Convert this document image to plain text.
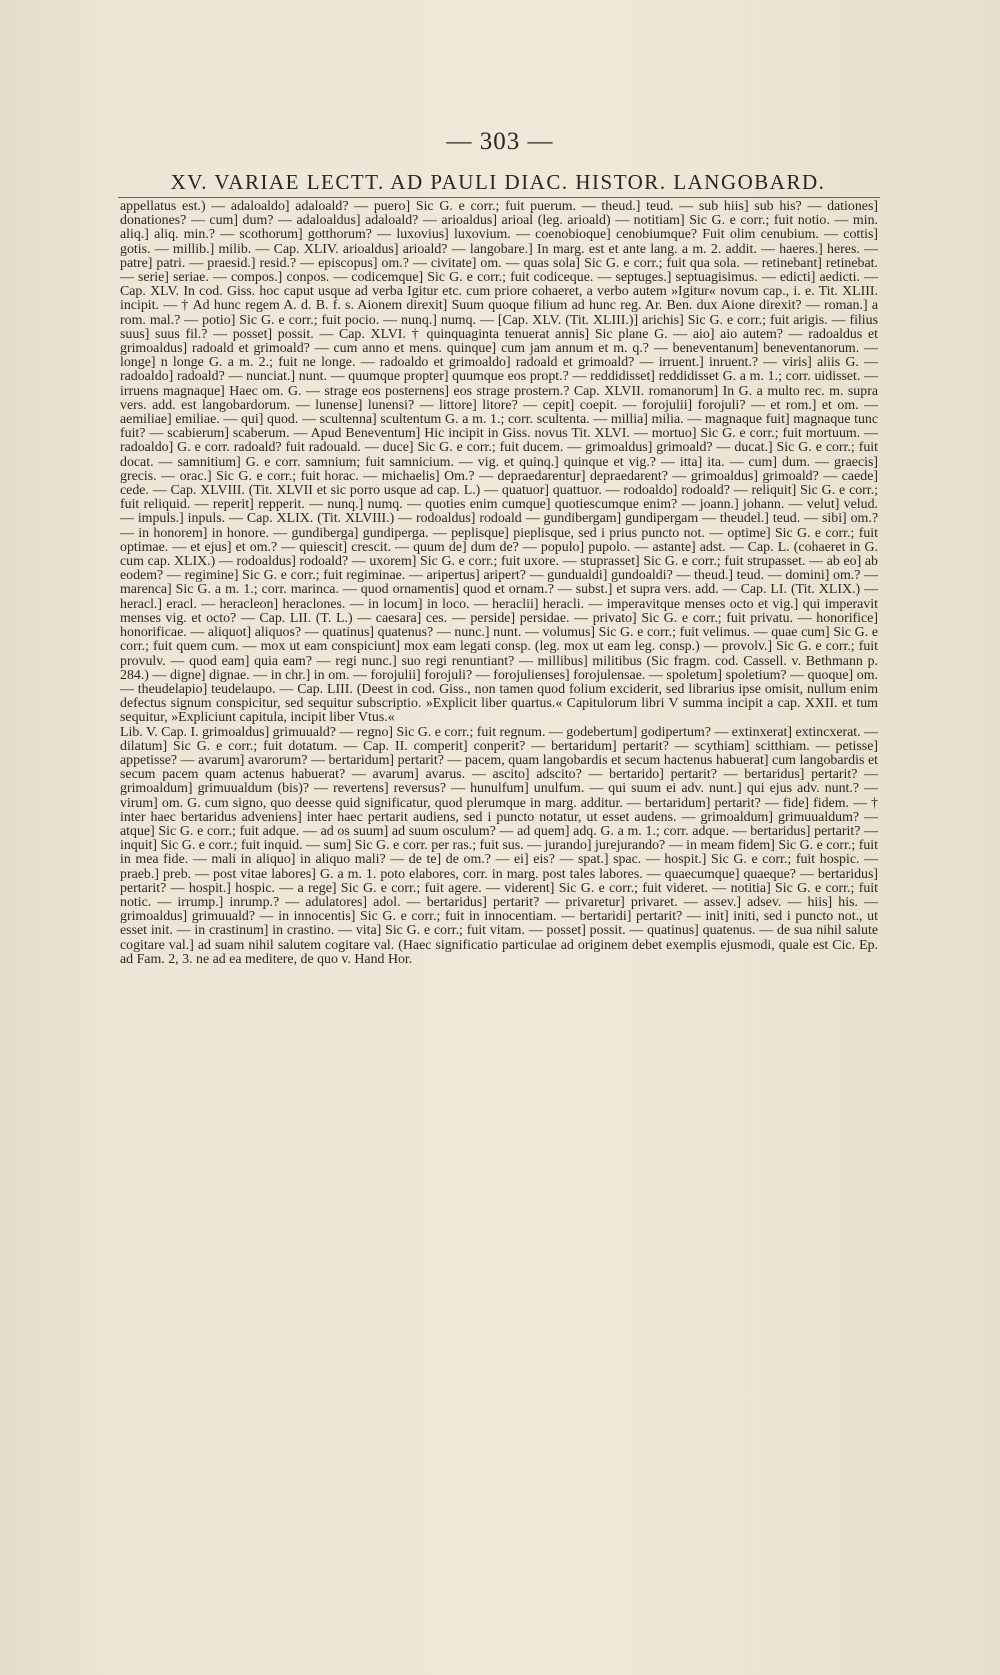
— 303 —
XV. VARIAE LECTT. AD PAULI DIAC. HISTOR. LANGOBARD.

appellatus est.) — adaloaldo] adaloald? — puero] Sic G. e corr.; fuit puerum. — theud.] teud. — sub hiis] sub his? — dationes] donationes? — cum] dum? — adaloaldus] adaloald? — arioaldus] arioal (leg. arioald) — notitiam] Sic G. e corr.; fuit notio. — min. aliq.] aliq. min.? — scothorum] gotthorum? — luxovius] luxovium. — coenobioque] cenobiumque? Fuit olim cenubium. — cottis] gotis. — millib.] milib. — Cap. XLIV. arioaldus] arioald? — langobare.] In marg. est et ante lang. a m. 2. addit. — haeres.] heres. — patre] patri. — praesid.] resid.? — episcopus] om.? — civitate] om. — quas sola] Sic G. e corr.; fuit qua sola. — retinebant] retinebat. — serie] seriae. — compos.] conpos. — codicemque] Sic G. e corr.; fuit codiceque. — septuges.] septuagisimus. — edicti] aedicti. — Cap. XLV. In cod. Giss. hoc caput usque ad verba Igitur etc. cum priore cohaeret, a verbo autem »Igitur« novum cap., i. e. Tit. XLIII. incipit. — † Ad hunc regem A. d. B. f. s. Aionem direxit] Suum quoque filium ad hunc reg. Ar. Ben. dux Aione direxit? — roman.] a rom. mal.? — potio] Sic G. e corr.; fuit pocio. — nunq.] numq. — [Cap. XLV. (Tit. XLIII.)] arichis] Sic G. e corr.; fuit arigis. — filius suus] suus fil.? — posset] possit. — Cap. XLVI. † quinquaginta tenuerat annis] Sic plane G. — aio] aio autem? — radoaldus et grimoaldus] radoald et grimoald? — cum anno et mens. quinque] cum jam annum et m. q.? — beneventanum] beneventanorum. — longe] n longe G. a m. 2.; fuit ne longe. — radoaldo et grimoaldo] radoald et grimoald? — irruent.] inruent.? — viris] aliis G. — radoaldo] radoald? — nunciat.] nunt. — quumque propter] quumque eos propt.? — reddidisset] reddidisset G. a m. 1.; corr. uidisset. — irruens magnaque] Haec om. G. — strage eos posternens] eos strage prostern.? Cap. XLVII. romanorum] In G. a multo rec. m. supra vers. add. est langobardorum. — lunense] lunensi? — littore] litore? — cepit] coepit. — forojulii] forojuli? — et rom.] et om. — aemiliae] emiliae. — qui] quod. — scultenna] scultentum G. a m. 1.; corr. scultenta. — millia] milia. — magnaque fuit] magnaque tunc fuit? — scabierum] scaberum. — Apud Beneventum] Hic incipit in Giss. novus Tit. XLVI. — mortuo] Sic G. e corr.; fuit mortuum. — radoaldo] G. e corr. radoald? fuit radouald. — duce] Sic G. e corr.; fuit ducem. — grimoaldus] grimoald? — ducat.] Sic G. e corr.; fuit docat. — samnitium] G. e corr. samnium; fuit samnicium. — vig. et quinq.] quinque et vig.? — itta] ita. — cum] dum. — graecis] grecis. — orac.] Sic G. e corr.; fuit horac. — michaelis] Om.? — depraedarentur] depraedarent? — grimoaldus] grimoald? — caede] cede. — Cap. XLVIII. (Tit. XLVII et sic porro usque ad cap. L.) — quatuor] quattuor. — rodoaldo] rodoald? — reliquit] Sic G. e corr.; fuit reliquid. — reperit] repperit. — nunq.] numq. — quoties enim cumque] quotiescumque enim? — joann.] johann. — velut] velud. — impuls.] inpuls. — Cap. XLIX. (Tit. XLVIII.) — rodoaldus] rodoald — gundibergam] gundipergam — theudel.] teud. — sibi] om.? — in honorem] in honore. — gundiberga] gundiperga. — peplisque] pieplisque, sed i prius puncto not. — optime] Sic G. e corr.; fuit optimae. — et ejus] et om.? — quiescit] crescit. — quum de] dum de? — populo] pupolo. — astante] adst. — Cap. L. (cohaeret in G. cum cap. XLIX.) — rodoaldus] rodoald? — uxorem] Sic G. e corr.; fuit uxore. — stuprasset] Sic G. e corr.; fuit strupasset. — ab eo] ab eodem? — regimine] Sic G. e corr.; fuit regiminae. — aripertus] aripert? — gundualdi] gundoaldi? — theud.] teud. — domini] om.? — marenca] Sic G. a m. 1.; corr. marinca. — quod ornamentis] quod et ornam.? — subst.] et supra vers. add. — Cap. LI. (Tit. XLIX.) — heracl.] eracl. — heracleon] heraclones. — in locum] in loco. — heraclii] heracli. — imperavitque menses octo et vig.] qui imperavit menses vig. et octo? — Cap. LII. (T. L.) — caesara] ces. — perside] persidae. — privato] Sic G. e corr.; fuit privatu. — honorifice] honorificae. — aliquot] aliquos? — quatinus] quatenus? — nunc.] nunt. — volumus] Sic G. e corr.; fuit velimus. — quae cum] Sic G. e corr.; fuit quem cum. — mox ut eam conspiciunt] mox eam legati consp. (leg. mox ut eam leg. consp.) — provolv.] Sic G. e corr.; fuit provulv. — quod eam] quia eam? — regi nunc.] suo regi renuntiant? — millibus] militibus (Sic fragm. cod. Cassell. v. Bethmann p. 284.) — digne] dignae. — in chr.] in om. — forojulii] forojuli? — forojulienses] forojulensae. — spoletum] spoletium? — quoque] om. — theudelapio] teudelaupo. — Cap. LIII. (Deest in cod. Giss., non tamen quod folium exciderit, sed librarius ipse omisit, nullum enim defectus signum conspicitur, sed sequitur subscriptio. »Explicit liber quartus.« Capitulorum libri V summa incipit a cap. XXII. et tum sequitur, »Expliciunt capitula, incipit liber Vtus.«

Lib. V. Cap. I. grimoaldus] grimuuald? — regno] Sic G. e corr.; fuit regnum. — godebertum] godipertum? — extinxerat] extincxerat. — dilatum] Sic G. e corr.; fuit dotatum. — Cap. II. comperit] conperit? — bertaridum] pertarit? — scythiam] scitthiam. — petisse] appetisse? — avarum] avarorum? — bertaridum] pertarit? — pacem, quam langobardis et secum hactenus habuerat] cum langobardis et secum pacem quam actenus habuerat? — avarum] avarus. — ascito] adscito? — bertarido] pertarit? — bertaridus] pertarit? — grimoaldum] grimuualdum (bis)? — revertens] reversus? — hunulfum] unulfum. — qui suum ei adv. nunt.] qui ejus adv. nunt.? — virum] om. G. cum signo, quo deesse quid significatur, quod plerumque in marg. additur. — bertaridum] pertarit? — fide] fidem. — † inter haec bertaridus adveniens] inter haec pertarit audiens, sed i puncto notatur, ut esset audens. — grimoaldum] grimuualdum? — atque] Sic G. e corr.; fuit adque. — ad os suum] ad suum osculum? — ad quem] adq. G. a m. 1.; corr. adque. — bertaridus] pertarit? — inquit] Sic G. e corr.; fuit inquid. — sum] Sic G. e corr. per ras.; fuit sus. — jurando] jurejurando? — in meam fidem] Sic G. e corr.; fuit in mea fide. — mali in aliquo] in aliquo mali? — de te] de om.? — ei] eis? — spat.] spac. — hospit.] Sic G. e corr.; fuit hospic. — praeb.] preb. — post vitae labores] G. a m. 1. poto elabores, corr. in marg. post tales labores. — quaecumque] quaeque? — bertaridus] pertarit? — hospit.] hospic. — a rege] Sic G. e corr.; fuit agere. — viderent] Sic G. e corr.; fuit videret. — notitia] Sic G. e corr.; fuit notic. — irrump.] inrump.? — adulatores] adol. — bertaridus] pertarit? — privaretur] privaret. — assev.] adsev. — hiis] his. — grimoaldus] grimuuald? — in innocentis] Sic G. e corr.; fuit in innocentiam. — bertaridi] pertarit? — init] initi, sed i puncto not., ut esset init. — in crastinum] in crastino. — vita] Sic G. e corr.; fuit vitam. — posset] possit. — quatinus] quatenus. — de sua nihil salute cogitare val.] ad suam nihil salutem cogitare val. (Haec significatio particulae ad originem debet exemplis ejusmodi, quale est Cic. Ep. ad Fam. 2, 3. ne ad ea meditere, de quo v. Hand Hor.
